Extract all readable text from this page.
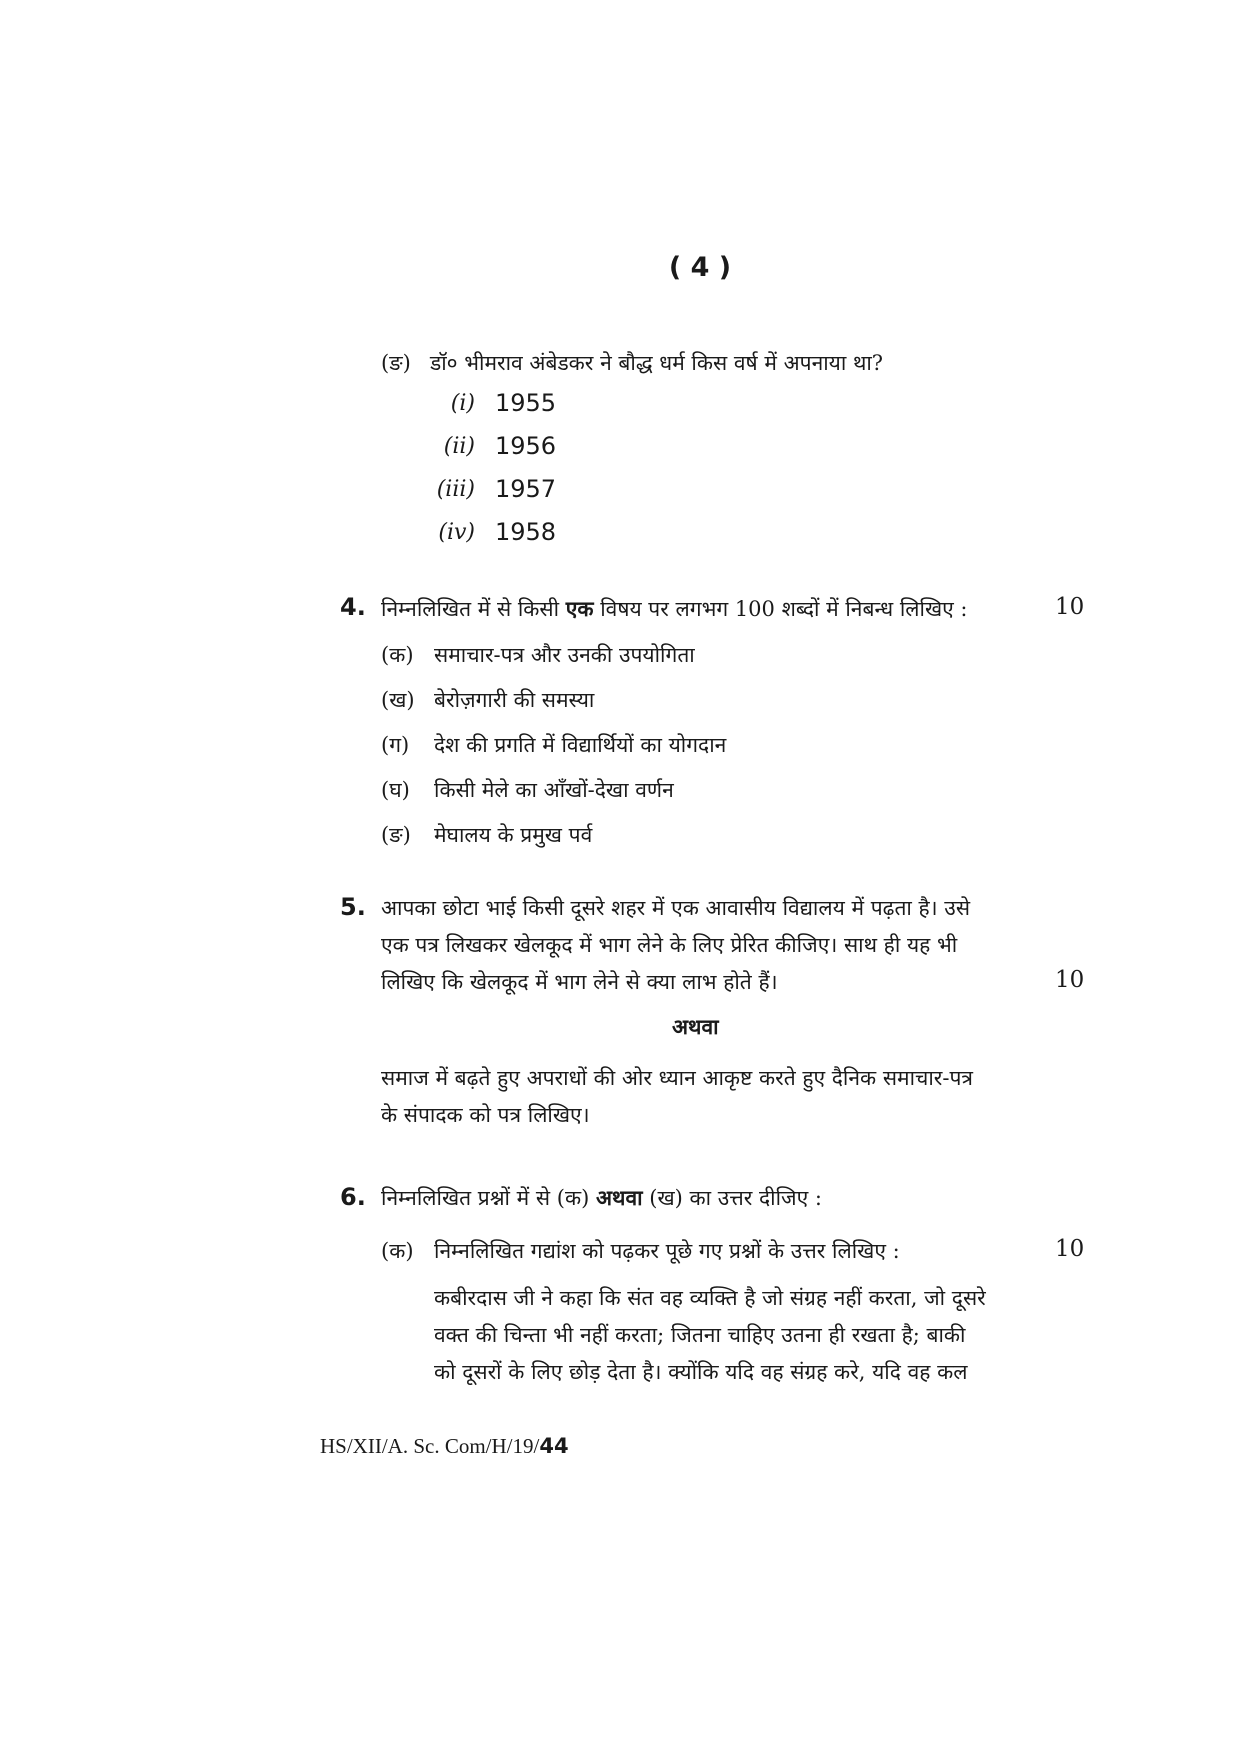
( 4 )
(ङ) डॉ० भीमराव अंबेडकर ने बौद्ध धर्म किस वर्ष में अपनाया था?
(i) 1955
(ii) 1956
(iii) 1957
(iv) 1958
4. निम्नलिखित में से किसी एक विषय पर लगभग 100 शब्दों में निबन्ध लिखिए :	10
(क) समाचार-पत्र और उनकी उपयोगिता
(ख) बेरोज़गारी की समस्या
(ग) देश की प्रगति में विद्यार्थियों का योगदान
(घ) किसी मेले का आँखों-देखा वर्णन
(ङ) मेघालय के प्रमुख पर्व
5. आपका छोटा भाई किसी दूसरे शहर में एक आवासीय विद्यालय में पढ़ता है। उसे
एक पत्र लिखकर खेलकूद में भाग लेने के लिए प्रेरित कीजिए। साथ ही यह भी
लिखिए कि खेलकूद में भाग लेने से क्या लाभ होते हैं।	10
अथवा
समाज में बढ़ते हुए अपराधों की ओर ध्यान आकृष्ट करते हुए दैनिक समाचार-पत्र
के संपादक को पत्र लिखिए।
6. निम्नलिखित प्रश्नों में से (क) अथवा (ख) का उत्तर दीजिए :
(क) निम्नलिखित गद्यांश को पढ़कर पूछे गए प्रश्नों के उत्तर लिखिए :	10
कबीरदास जी ने कहा कि संत वह व्यक्ति है जो संग्रह नहीं करता, जो दूसरे
वक्त की चिन्ता भी नहीं करता; जितना चाहिए उतना ही रखता है; बाकी
को दूसरों के लिए छोड़ देता है। क्योंकि यदि वह संग्रह करे, यदि वह कल
HS/XII/A. Sc. Com/H/19/44
